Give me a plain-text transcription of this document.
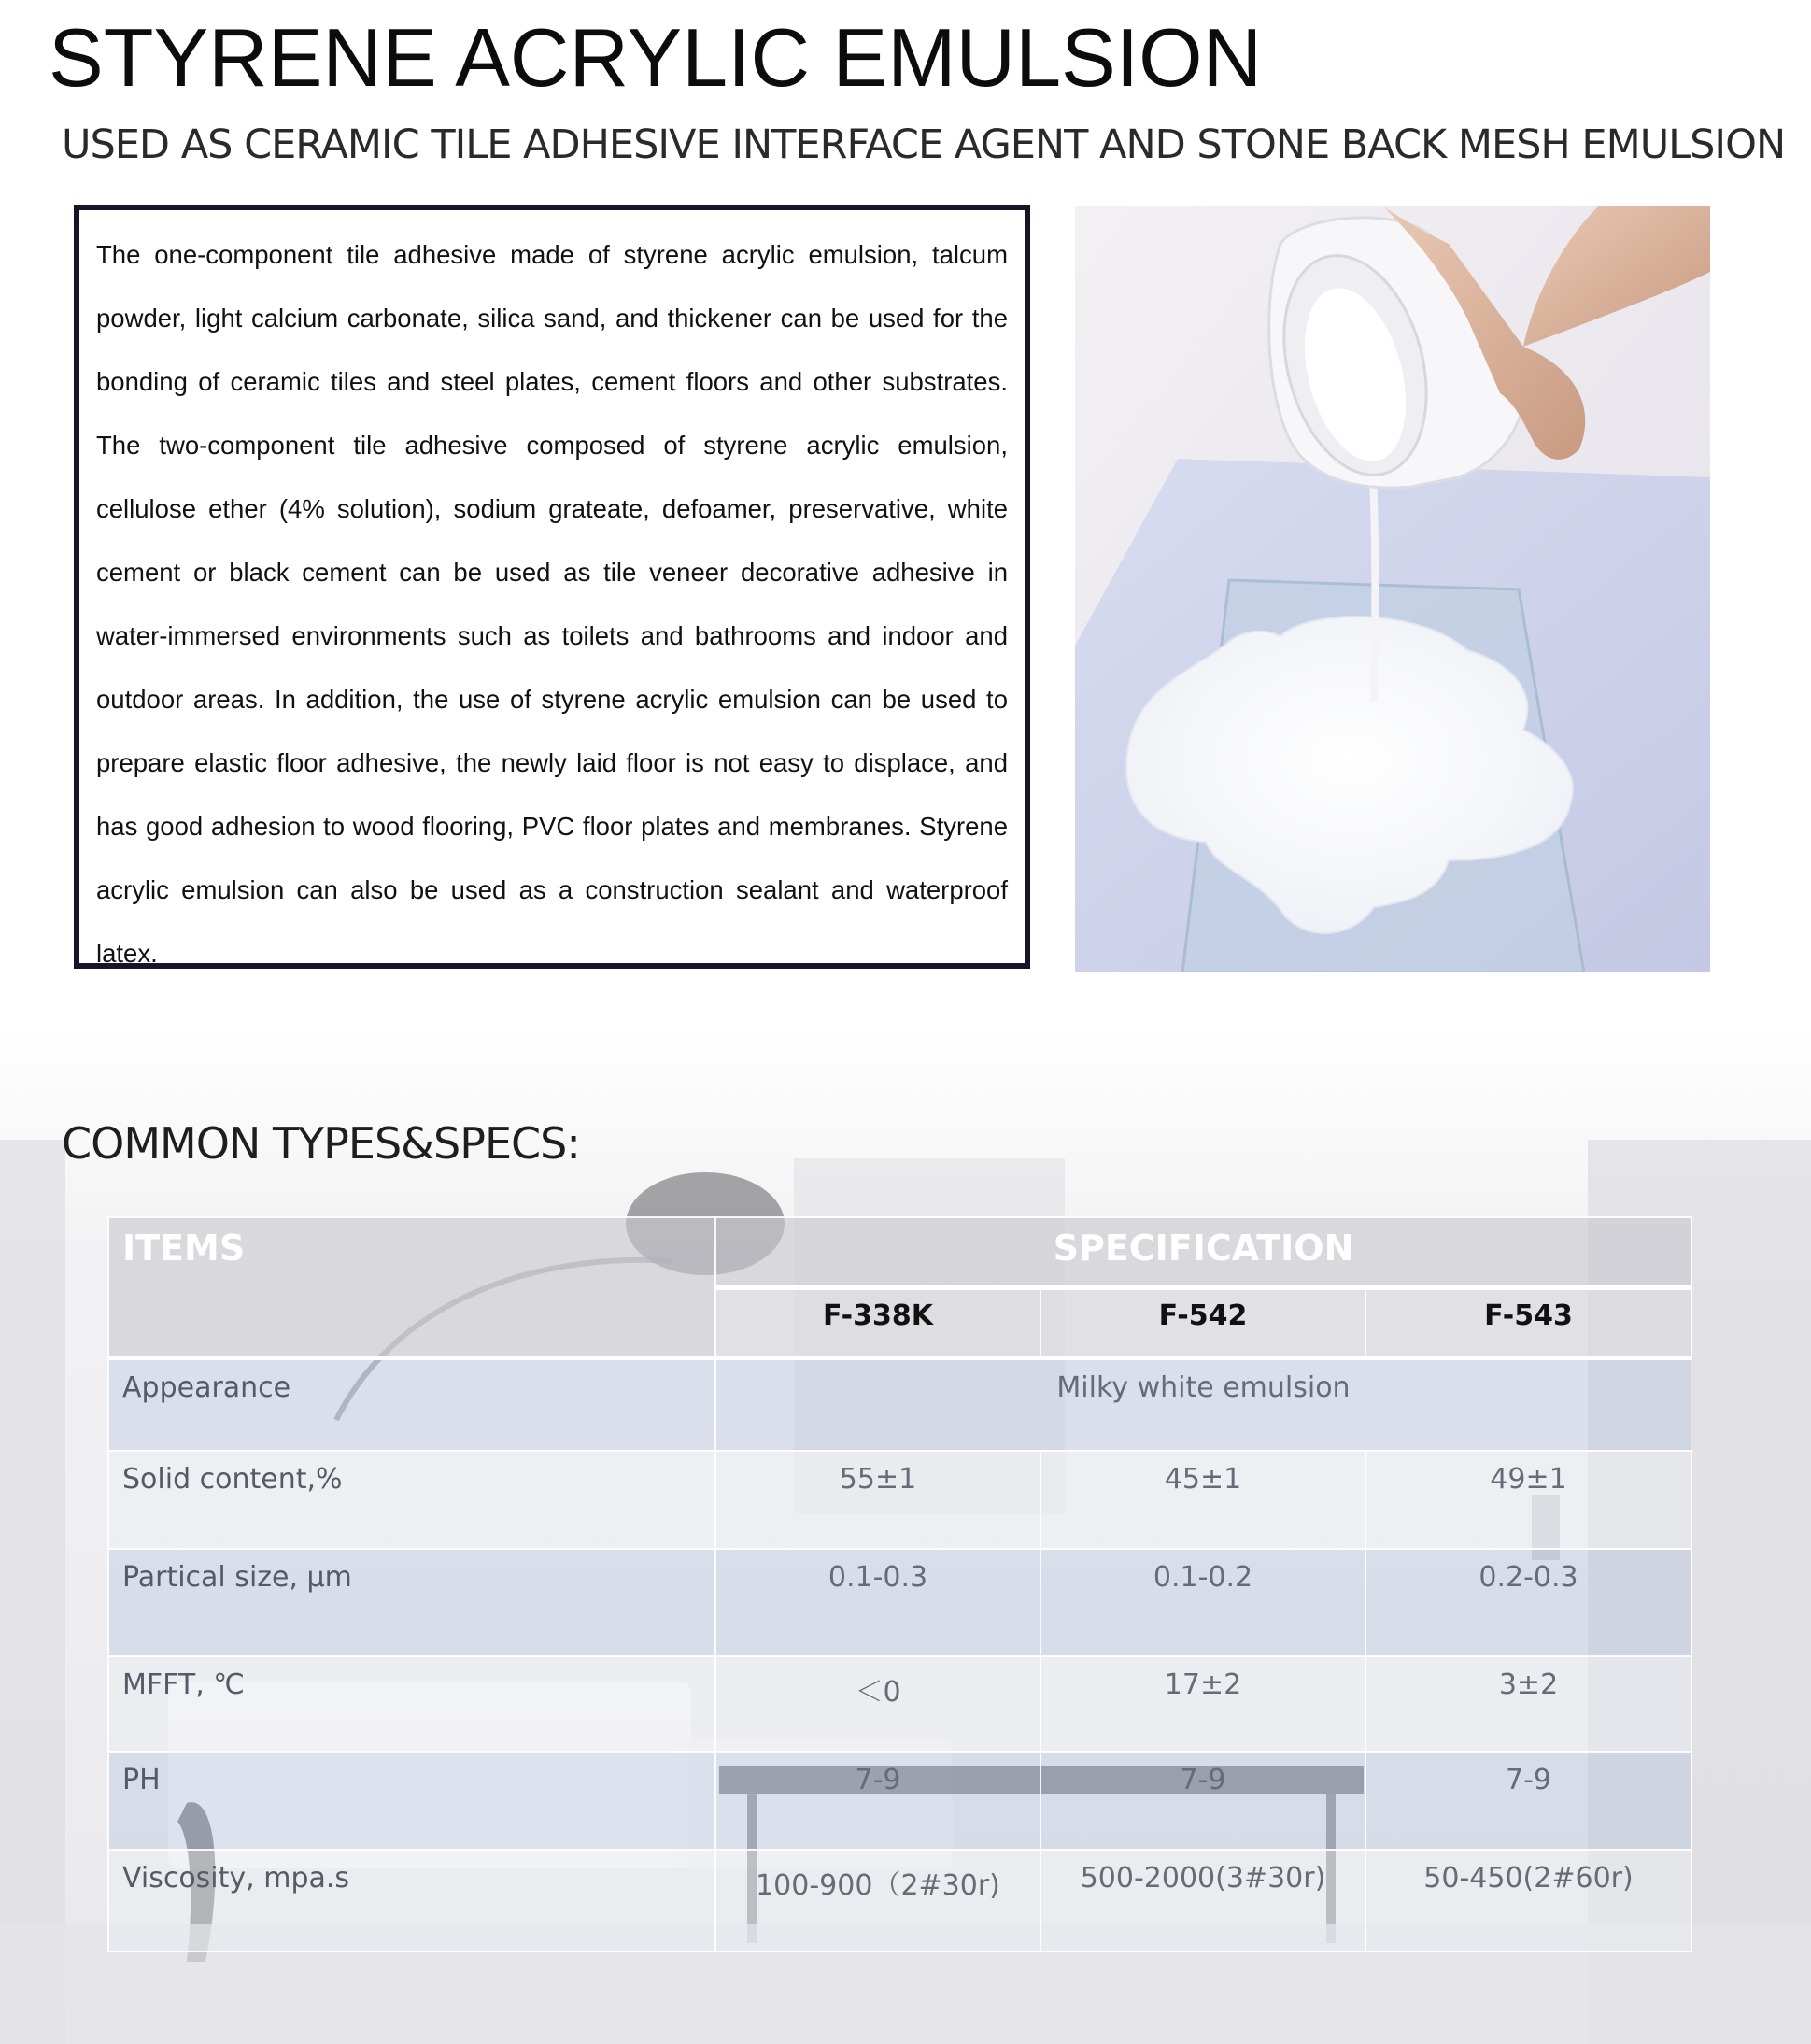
STYRENE ACRYLIC EMULSION
USED AS CERAMIC TILE ADHESIVE INTERFACE AGENT AND STONE BACK MESH EMULSION

The one-component tile adhesive made of styrene acrylic emulsion, talcum powder, light calcium carbonate, silica sand, and thickener can be used for the bonding of ceramic tiles and steel plates, cement floors and other substrates. The two-component tile adhesive composed of styrene acrylic emulsion, cellulose ether (4% solution), sodium grateate, defoamer, preservative, white cement or black cement can be used as tile veneer decorative adhesive in water-immersed environments such as toilets and bathrooms and indoor and outdoor areas. In addition, the use of styrene acrylic emulsion can be used to prepare elastic floor adhesive, the newly laid floor is not easy to displace, and has good adhesion to wood flooring, PVC floor plates and membranes. Styrene acrylic emulsion can also be used as a construction sealant and waterproof latex.

COMMON TYPES&SPECS:
ITEMS	SPECIFICATION		
	F-338K	F-542	F-543
Appearance	Milky white emulsion		
Solid content,%	55±1	45±1	49±1
Partical size, μm	0.1-0.3	0.1-0.2	0.2-0.3
MFFT, ℃	＜0	17±2	3±2
PH	7-9	7-9	7-9
Viscosity, mpa.s	100-900（2#30r)	500-2000(3#30r)	50-450(2#60r)
